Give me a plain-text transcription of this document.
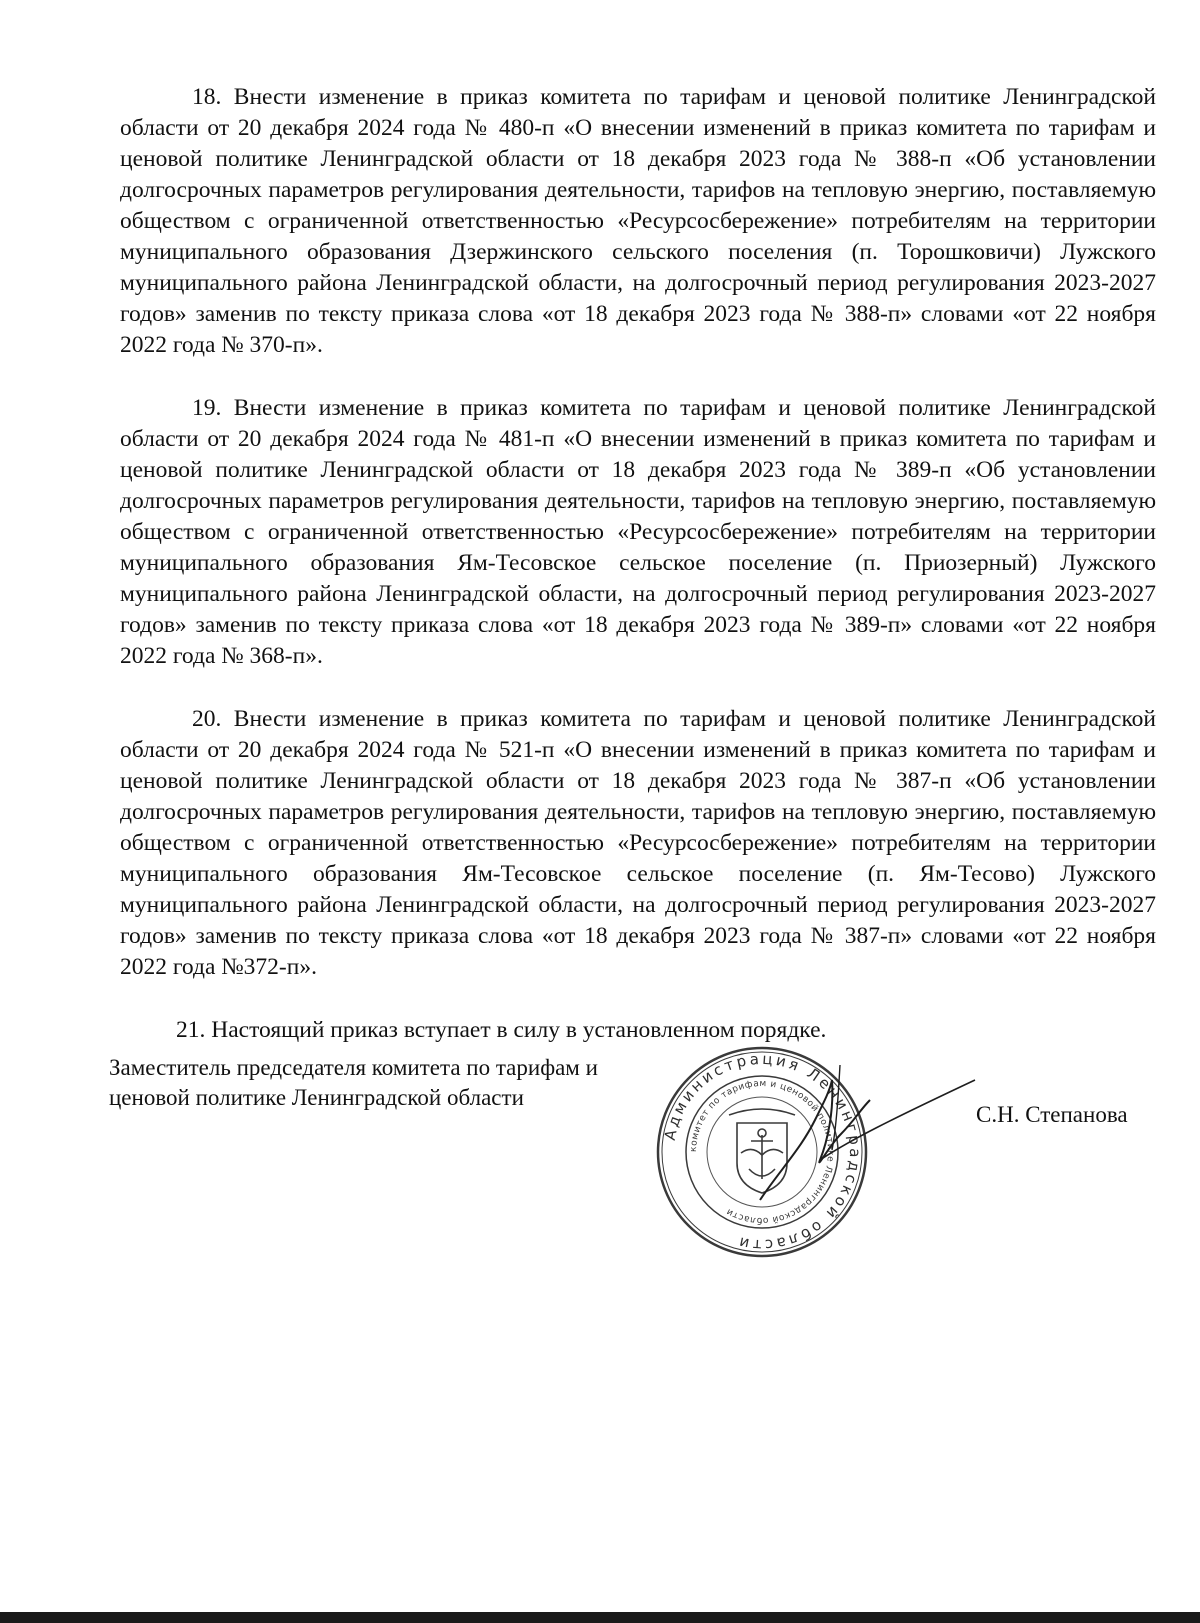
18. Внести изменение в приказ комитета по тарифам и ценовой политике Ленинградской области от 20 декабря 2024 года № 480-п «О внесении изменений в приказ комитета по тарифам и ценовой политике Ленинградской области от 18 декабря 2023 года № 388-п «Об установлении долгосрочных параметров регулирования деятельности, тарифов на тепловую энергию, поставляемую обществом с ограниченной ответственностью «Ресурсосбережение» потребителям на территории муниципального образования Дзержинского сельского поселения (п. Торошковичи) Лужского муниципального района Ленинградской области, на долгосрочный период регулирования 2023-2027 годов» заменив по тексту приказа слова «от 18 декабря 2023 года № 388-п» словами «от 22 ноября 2022 года № 370-п».

19. Внести изменение в приказ комитета по тарифам и ценовой политике Ленинградской области от 20 декабря 2024 года № 481-п «О внесении изменений в приказ комитета по тарифам и ценовой политике Ленинградской области от 18 декабря 2023 года № 389-п «Об установлении долгосрочных параметров регулирования деятельности, тарифов на тепловую энергию, поставляемую обществом с ограниченной ответственностью «Ресурсосбережение» потребителям на территории муниципального образования Ям-Тесовское сельское поселение (п. Приозерный) Лужского муниципального района Ленинградской области, на долгосрочный период регулирования 2023-2027 годов» заменив по тексту приказа слова «от 18 декабря 2023 года № 389-п» словами «от 22 ноября 2022 года № 368-п».

20. Внести изменение в приказ комитета по тарифам и ценовой политике Ленинградской области от 20 декабря 2024 года № 521-п «О внесении изменений в приказ комитета по тарифам и ценовой политике Ленинградской области от 18 декабря 2023 года № 387-п «Об установлении долгосрочных параметров регулирования деятельности, тарифов на тепловую энергию, поставляемую обществом с ограниченной ответственностью «Ресурсосбережение» потребителям на территории муниципального образования Ям-Тесовское сельское поселение (п. Ям-Тесово) Лужского муниципального района Ленинградской области, на долгосрочный период регулирования 2023-2027 годов» заменив по тексту приказа слова «от 18 декабря 2023 года № 387-п» словами «от 22 ноября 2022 года №372-п».

21. Настоящий приказ вступает в силу в установленном порядке.

Заместитель председателя комитета по тарифам и
ценовой политике Ленинградской области
Администрация Ленинградской области
комитет по тарифам и ценовой политике Ленинградской области
С.Н. Степанова
